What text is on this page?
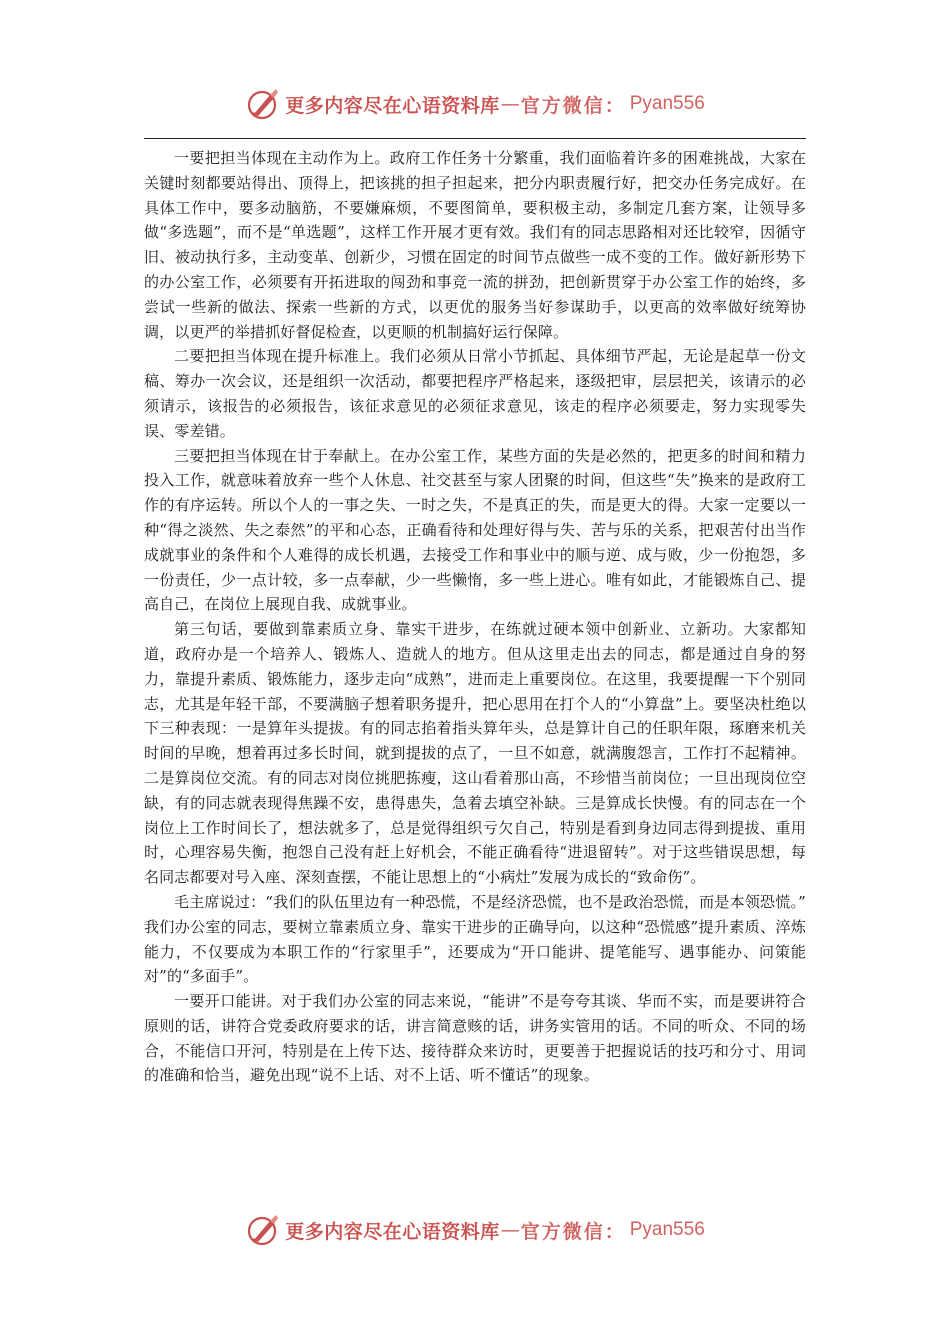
更多内容尽在心语资料库 — 官方微信： Pyan556

一要把担当体现在主动作为上。政府工作任务十分繁重，我们面临着许多的困难挑战，大家在关键时刻都要站得出、顶得上，把该挑的担子担起来，把分内职责履行好，把交办任务完成好。在具体工作中，要多动脑筋，不要嫌麻烦，不要图简单，要积极主动，多制定几套方案，让领导多做“多选题”，而不是“单选题”，这样工作开展才更有效。我们有的同志思路相对还比较窄，因循守旧、被动执行多，主动变革、创新少，习惯在固定的时间节点做些一成不变的工作。做好新形势下的办公室工作，必须要有开拓进取的闯劲和事竞一流的拼劲，把创新贯穿于办公室工作的始终，多尝试一些新的做法、探索一些新的方式，以更优的服务当好参谋助手，以更高的效率做好统筹协调，以更严的举措抓好督促检查，以更顺的机制搞好运行保障。

二要把担当体现在提升标准上。我们必须从日常小节抓起、具体细节严起，无论是起草一份文稿、筹办一次会议，还是组织一次活动，都要把程序严格起来，逐级把审，层层把关，该请示的必须请示，该报告的必须报告，该征求意见的必须征求意见，该走的程序必须要走，努力实现零失误、零差错。

三要把担当体现在甘于奉献上。在办公室工作，某些方面的失是必然的，把更多的时间和精力投入工作，就意味着放弃一些个人休息、社交甚至与家人团聚的时间，但这些“失”换来的是政府工作的有序运转。所以个人的一事之失、一时之失，不是真正的失，而是更大的得。大家一定要以一种“得之淡然、失之泰然”的平和心态，正确看待和处理好得与失、苦与乐的关系，把艰苦付出当作成就事业的条件和个人难得的成长机遇，去接受工作和事业中的顺与逆、成与败，少一份抱怨，多一份责任，少一点计较，多一点奉献，少一些懒惰，多一些上进心。唯有如此，才能锻炼自己、提高自己，在岗位上展现自我、成就事业。

第三句话，要做到靠素质立身、靠实干进步，在练就过硬本领中创新业、立新功。大家都知道，政府办是一个培养人、锻炼人、造就人的地方。但从这里走出去的同志，都是通过自身的努力，靠提升素质、锻炼能力，逐步走向“成熟”，进而走上重要岗位。在这里，我要提醒一下个别同志，尤其是年轻干部，不要满脑子想着职务提升，把心思用在打个人的“小算盘”上。要坚决杜绝以下三种表现：一是算年头提拔。有的同志掐着指头算年头，总是算计自己的任职年限，琢磨来机关时间的早晚，想着再过多长时间，就到提拔的点了，一旦不如意，就满腹怨言，工作打不起精神。二是算岗位交流。有的同志对岗位挑肥拣瘦，这山看着那山高，不珍惜当前岗位；一旦出现岗位空缺，有的同志就表现得焦躁不安，患得患失，急着去填空补缺。三是算成长快慢。有的同志在一个岗位上工作时间长了，想法就多了，总是觉得组织亏欠自己，特别是看到身边同志得到提拔、重用时，心理容易失衡，抱怨自己没有赶上好机会，不能正确看待“进退留转”。对于这些错误思想，每名同志都要对号入座、深刻查摆，不能让思想上的“小病灶”发展为成长的“致命伤”。

毛主席说过：“我们的队伍里边有一种恐慌，不是经济恐慌，也不是政治恐慌，而是本领恐慌。” 我们办公室的同志，要树立靠素质立身、靠实干进步的正确导向，以这种“恐慌感”提升素质、淬炼能力，不仅要成为本职工作的“行家里手”，还要成为“开口能讲、提笔能写、遇事能办、问策能对”的“多面手”。

一要开口能讲。对于我们办公室的同志来说，“能讲”不是夸夸其谈、华而不实，而是要讲符合原则的话，讲符合党委政府要求的话，讲言简意赅的话，讲务实管用的话。不同的听众、不同的场合，不能信口开河，特别是在上传下达、接待群众来访时，更要善于把握说话的技巧和分寸、用词的准确和恰当，避免出现“说不上话、对不上话、听不懂话”的现象。

更多内容尽在心语资料库 — 官方微信： Pyan556
